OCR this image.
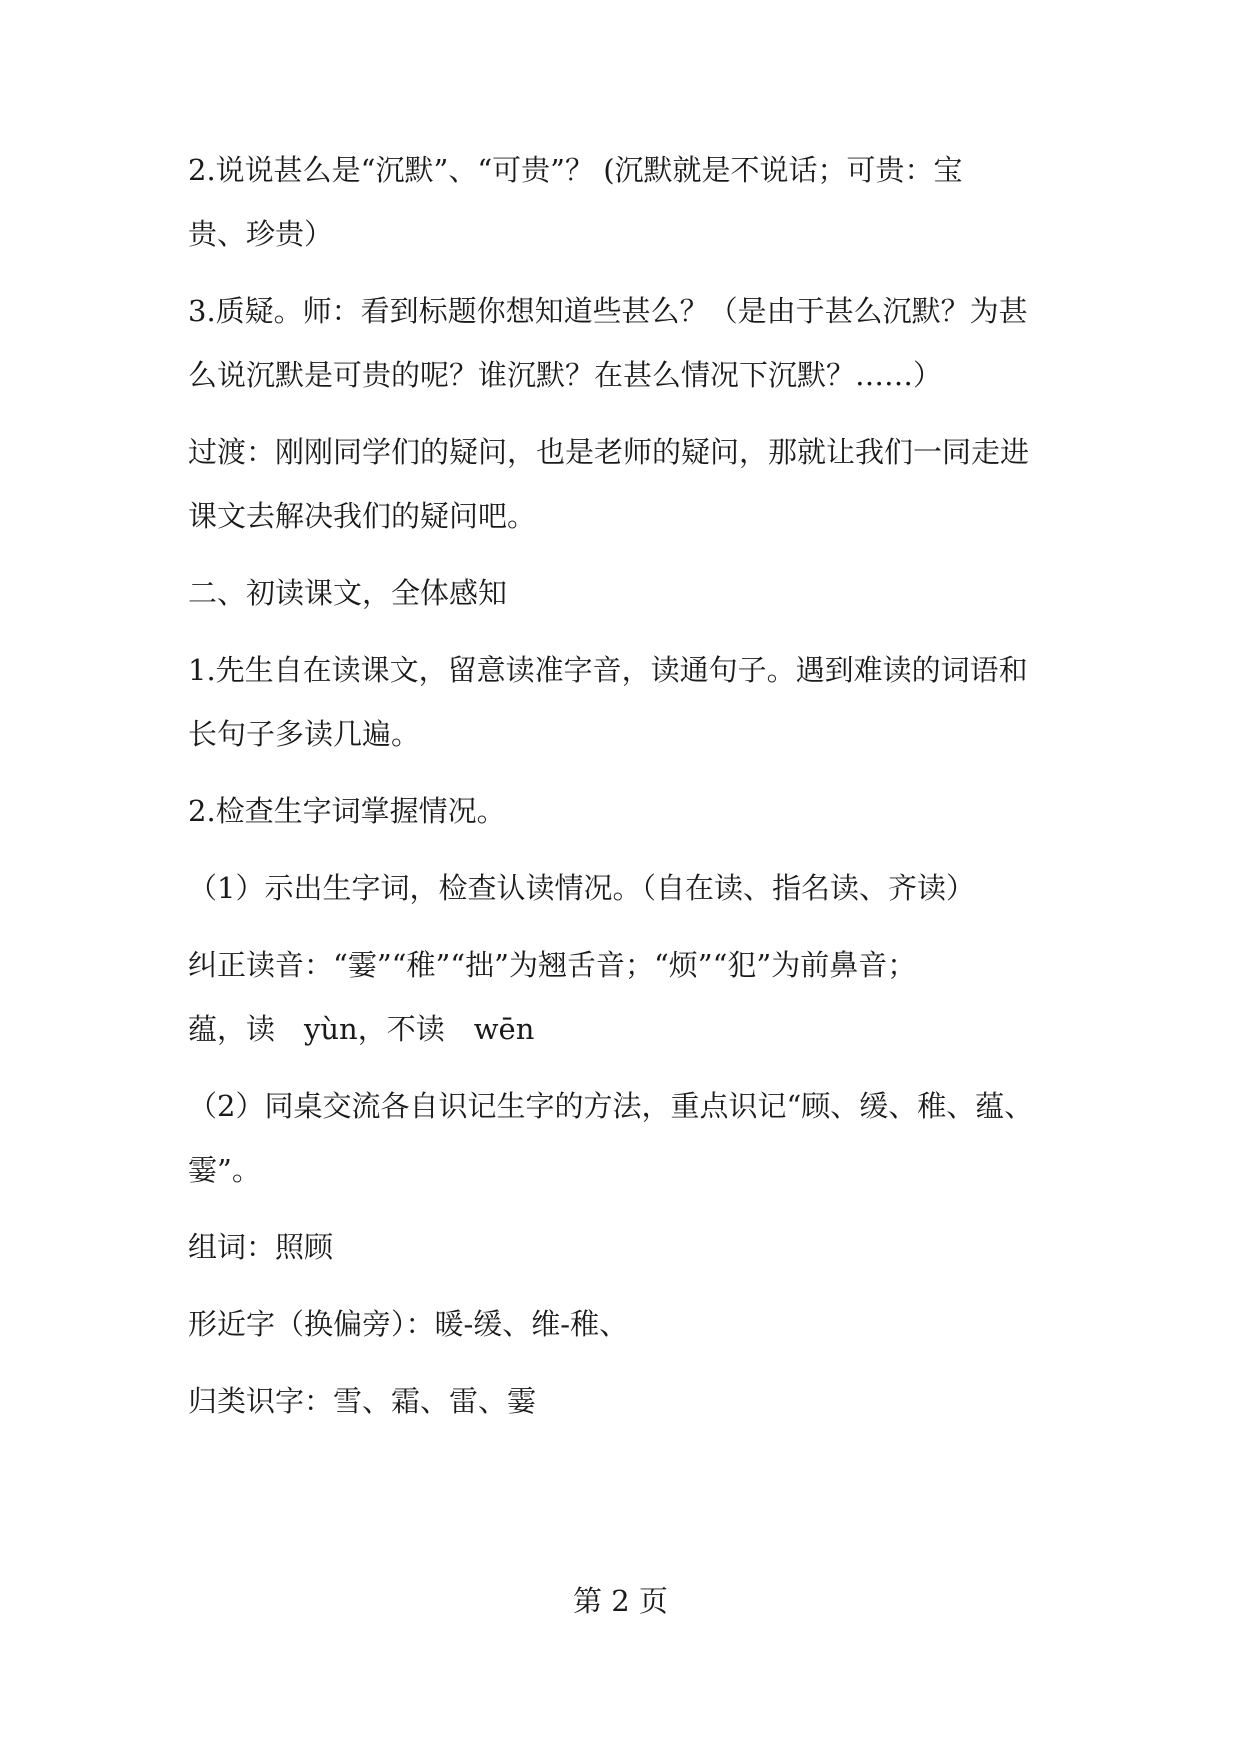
2.说说甚么是“沉默”、“可贵”？ (沉默就是不说话；可贵：宝
贵、珍贵）
3.质疑。师：看到标题你想知道些甚么？（是由于甚么沉默？为甚
么说沉默是可贵的呢？谁沉默？在甚么情况下沉默？……）
过渡：刚刚同学们的疑问，也是老师的疑问，那就让我们一同走进
课文去解决我们的疑问吧。
二、初读课文，全体感知
1.先生自在读课文，留意读准字音，读通句子。遇到难读的词语和
长句子多读几遍。
2.检查生字词掌握情况。
（1）示出生字词，检查认读情况。（自在读、指名读、齐读）
纠正读音：“霎”“稚”“拙”为翘舌音；“烦”“犯”为前鼻音；
蕴，读　yùn，不读　wēn
（2）同桌交流各自识记生字的方法，重点识记“顾、缓、稚、蕴、
霎”。
组词：照顾
形近字（换偏旁）：暖-缓、维-稚、
归类识字：雪、霜、雷、霎
第 2 页
